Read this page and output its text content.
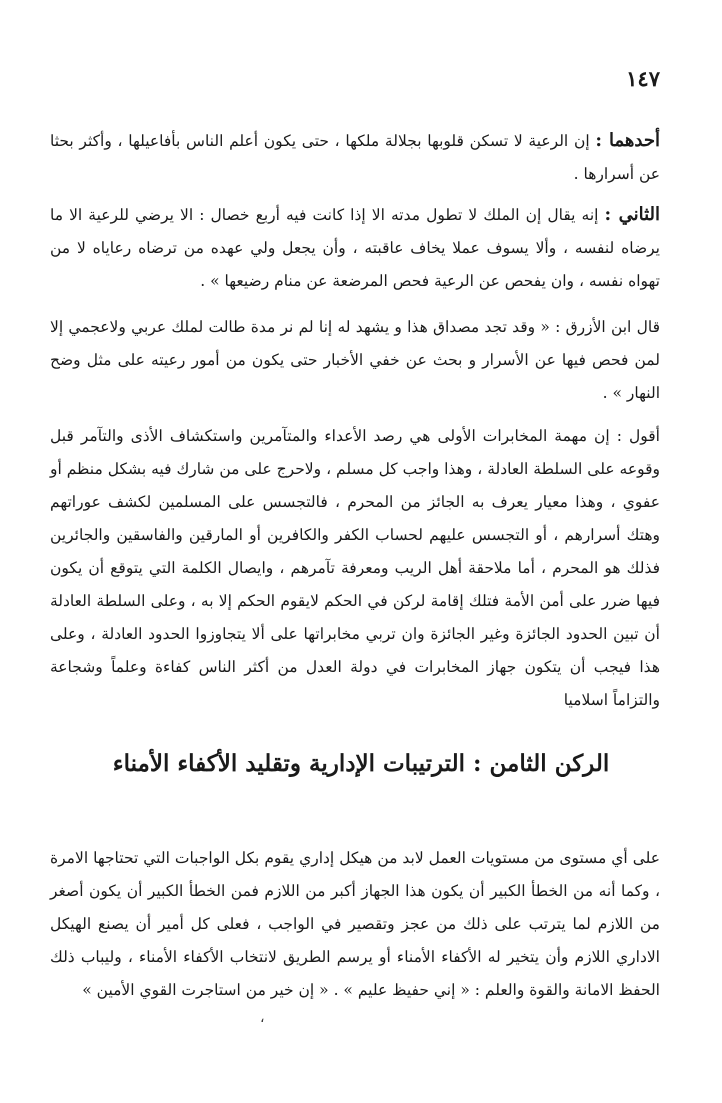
١٤٧

أحدهما : إن الرعية لا تسكن قلوبها بجلالة ملكها ، حتى يكون أعلم الناس بأفاعيلها ، وأكثر بحثا عن أسرارها .

الثاني : إنه يقال إن الملك لا تطول مدته الا إذا كانت فيه أربع خصال : الا يرضي للرعية الا ما يرضاه لنفسه ، وألا يسوف عملا يخاف عاقبته ، وأن يجعل ولي عهده من ترضاه رعاياه لا من تهواه نفسه ، وان يفحص عن الرعية فحص المرضعة عن منام رضيعها » .

قال ابن الأزرق : « وقد تجد مصداق هذا و يشهد له إنا لم نر مدة طالت لملك عربي ولاعجمي إلا لمن فحص فيها عن الأسرار و بحث عن خفي الأخبار حتى يكون من أمور رعيته على مثل وضح النهار » .

أقول : إن مهمة المخابرات الأولى هي رصد الأعداء والمتآمرين واستكشاف الأذى والتآمر قبل وقوعه على السلطة العادلة ، وهذا واجب كل مسلم ، ولاحرج على من شارك فيه بشكل منظم أو عفوي ، وهذا معيار يعرف به الجائز من المحرم ، فالتجسس على المسلمين لكشف عوراتهم وهتك أسرارهم ، أو التجسس عليهم لحساب الكفر والكافرين أو المارقين والفاسقين والجائرين فذلك هو المحرم ، أما ملاحقة أهل الريب ومعرفة تآمرهم ، وايصال الكلمة التي يتوقع أن يكون فيها ضرر على أمن الأمة فتلك إقامة لركن في الحكم لايقوم الحكم إلا به ، وعلى السلطة العادلة أن تبين الحدود الجائزة وغير الجائزة وان تربي مخابراتها على ألا يتجاوزوا الحدود العادلة ، وعلى هذا فيجب أن يتكون جهاز المخابرات في دولة العدل من أكثر الناس كفاءة وعلماً وشجاعة والتزاماً اسلاميا

الركن الثامن : الترتيبات الإدارية وتقليد الأكفاء الأمناء

على أي مستوى من مستويات العمل لابد من هيكل إداري يقوم بكل الواجبات التي تحتاجها الامرة ، وكما أنه من الخطأ الكبير أن يكون هذا الجهاز أكبر من اللازم فمن الخطأ الكبير أن يكون أصغر من اللازم لما يترتب على ذلك من عجز وتقصير في الواجب ، فعلى كل أمير أن يصنع الهيكل الاداري اللازم وأن يتخير له الأكفاء الأمناء أو يرسم الطريق لانتخاب الأكفاء الأمناء ، وليباب ذلك الحفظ الامانة والقوة والعلم : « إني حفيظ عليم » . « إن خير من استاجرت القوي الأمين »

،
